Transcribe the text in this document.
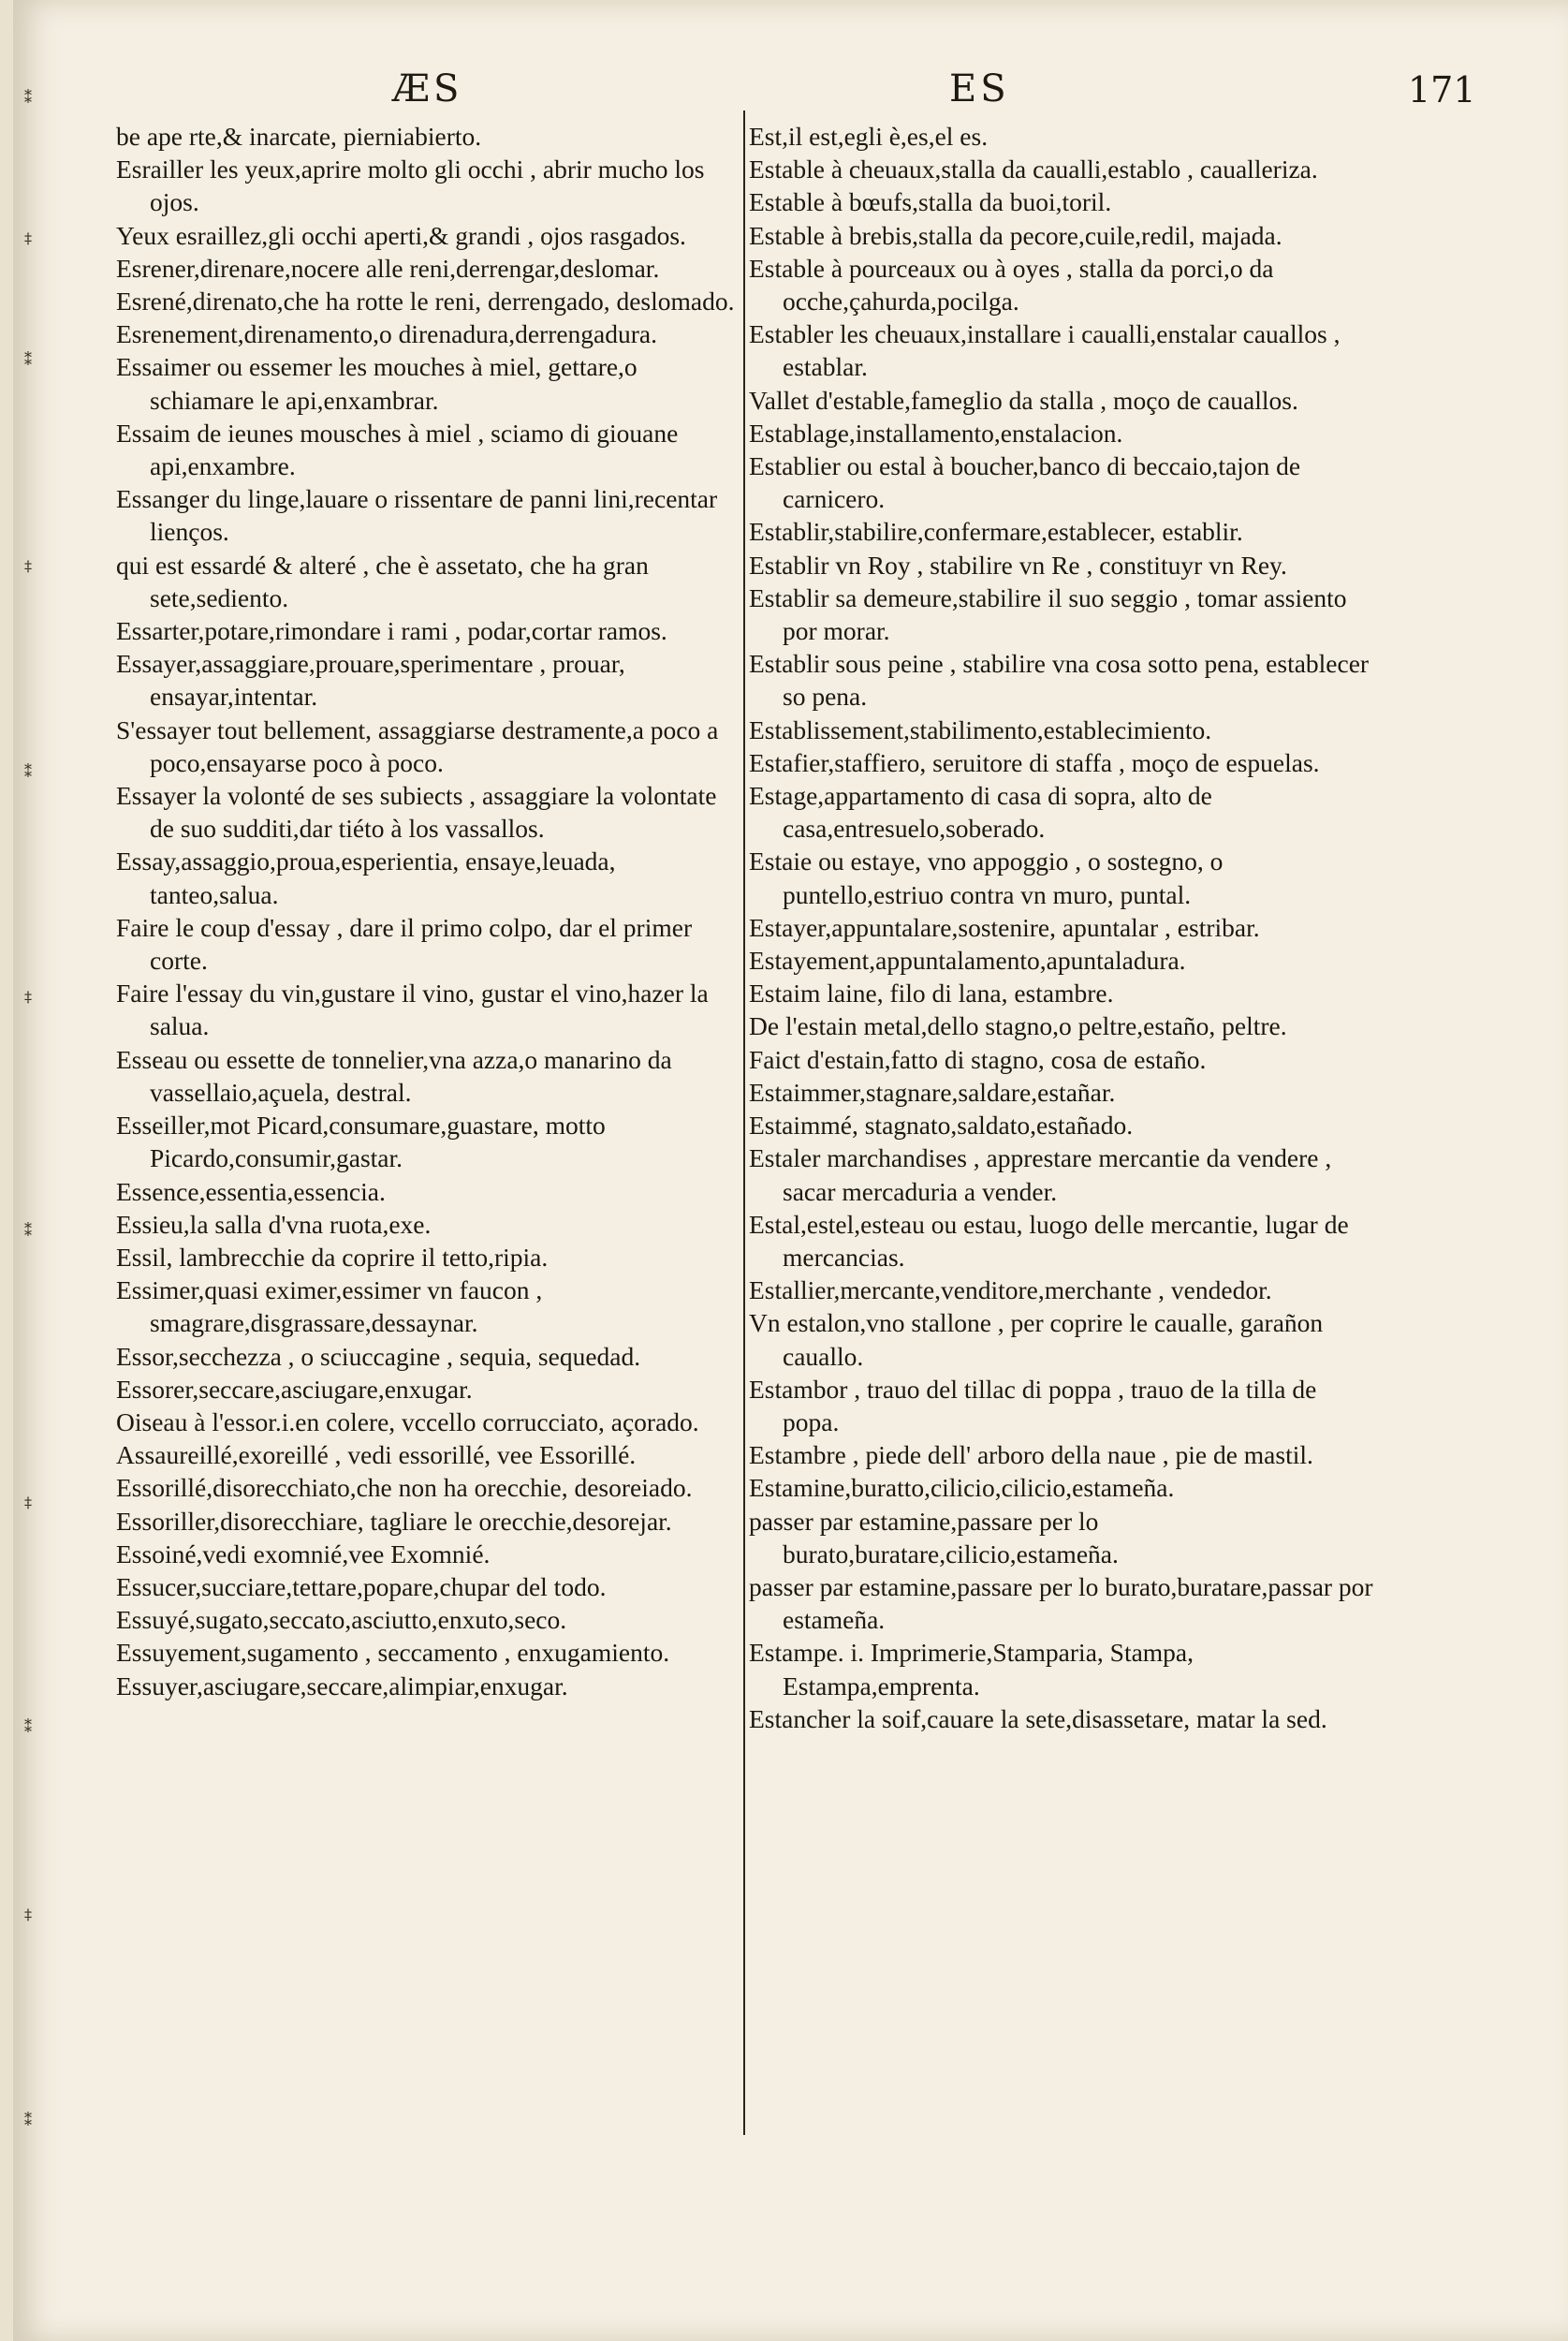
⁑
‡
⁑
‡
⁑
‡
⁑
‡
⁑
‡
⁑
ÆS	ES	171

be ape rte,& inarcate, pierniabierto.

Esrailler les yeux,aprire molto gli occhi , abrir mucho los ojos.

Yeux esraillez,gli occhi aperti,& grandi , ojos rasgados.

Esrener,direnare,nocere alle reni,derrengar,deslomar.

Esrené,direnato,che ha rotte le reni, derrengado, deslomado.

Esrenement,direnamento,o direnadura,derrengadura.

Essaimer ou essemer les mouches à miel, gettare,o schiamare le api,enxambrar.

Essaim de ieunes mousches à miel , sciamo di giouane api,enxambre.

Essanger du linge,lauare o rissentare de panni lini,recentar lienços.

qui est essardé & alteré , che è assetato, che ha gran sete,sediento.

Essarter,potare,rimondare i rami , podar,cortar ramos.

Essayer,assaggiare,prouare,sperimentare , prouar, ensayar,intentar.

S'essayer tout bellement, assaggiarse destramente,a poco a poco,ensayarse poco à poco.

Essayer la volonté de ses subiects , assaggiare la volontate de suo sudditi,dar tiéto à los vassallos.

Essay,assaggio,proua,esperientia, ensaye,leuada, tanteo,salua.

Faire le coup d'essay , dare il primo colpo, dar el primer corte.

Faire l'essay du vin,gustare il vino, gustar el vino,hazer la salua.

Esseau ou essette de tonnelier,vna azza,o manarino da vassellaio,açuela, destral.

Esseiller,mot Picard,consumare,guastare, motto Picardo,consumir,gastar.

Essence,essentia,essencia.

Essieu,la salla d'vna ruota,exe.

Essil, lambrecchie da coprire il tetto,ripia.

Essimer,quasi eximer,essimer vn faucon , smagrare,disgrassare,dessaynar.

Essor,secchezza , o sciuccagine , sequia, sequedad.

Essorer,seccare,asciugare,enxugar.

Oiseau à l'essor.i.en colere, vccello corrucciato, açorado.

Assaureillé,exoreillé , vedi essorillé, vee Essorillé.

Essorillé,disorecchiato,che non ha orecchie, desoreiado.

Essoriller,disorecchiare, tagliare le orecchie,desorejar.

Essoiné,vedi exomnié,vee Exomnié.

Essucer,succiare,tettare,popare,chupar del todo.

Essuyé,sugato,seccato,asciutto,enxuto,seco.

Essuyement,sugamento , seccamento , enxugamiento.

Essuyer,asciugare,seccare,alimpiar,enxugar.

Est,il est,egli è,es,el es.

Estable à cheuaux,stalla da caualli,establo , caualleriza.

Estable à bœufs,stalla da buoi,toril.

Estable à brebis,stalla da pecore,cuile,redil, majada.

Estable à pourceaux ou à oyes , stalla da porci,o da ocche,çahurda,pocilga.

Establer les cheuaux,installare i caualli,enstalar cauallos , establar.

Vallet d'estable,fameglio da stalla , moço de cauallos.

Establage,installamento,enstalacion.

Establier ou estal à boucher,banco di beccaio,tajon de carnicero.

Establir,stabilire,confermare,establecer, establir.

Establir vn Roy , stabilire vn Re , constituyr vn Rey.

Establir sa demeure,stabilire il suo seggio , tomar assiento por morar.

Establir sous peine , stabilire vna cosa sotto pena, establecer so pena.

Establissement,stabilimento,establecimiento.

Estafier,staffiero, seruitore di staffa , moço de espuelas.

Estage,appartamento di casa di sopra, alto de casa,entresuelo,soberado.

Estaie ou estaye, vno appoggio , o sostegno, o puntello,estriuo contra vn muro, puntal.

Estayer,appuntalare,sostenire, apuntalar , estribar.

Estayement,appuntalamento,apuntaladura.

Estaim laine, filo di lana, estambre.

De l'estain metal,dello stagno,o peltre,estaño, peltre.

Faict d'estain,fatto di stagno, cosa de estaño.

Estaimmer,stagnare,saldare,estañar.

Estaimmé, stagnato,saldato,estañado.

Estaler marchandises , apprestare mercantie da vendere , sacar mercaduria a vender.

Estal,estel,esteau ou estau, luogo delle mercantie, lugar de mercancias.

Estallier,mercante,venditore,merchante , vendedor.

Vn estalon,vno stallone , per coprire le caualle, garañon cauallo.

Estambor , trauo del tillac di poppa , trauo de la tilla de popa.

Estambre , piede dell' arboro della naue , pie de mastil.

Estamine,buratto,cilicio,cilicio,estameña.

passer par estamine,passare per lo burato,buratare,cilicio,estameña.

passer par estamine,passare per lo burato,buratare,passar por estameña.

Estampe. i. Imprimerie,Stamparia, Stampa, Estampa,emprenta.

Estancher la soif,cauare la sete,disassetare, matar la sed.
